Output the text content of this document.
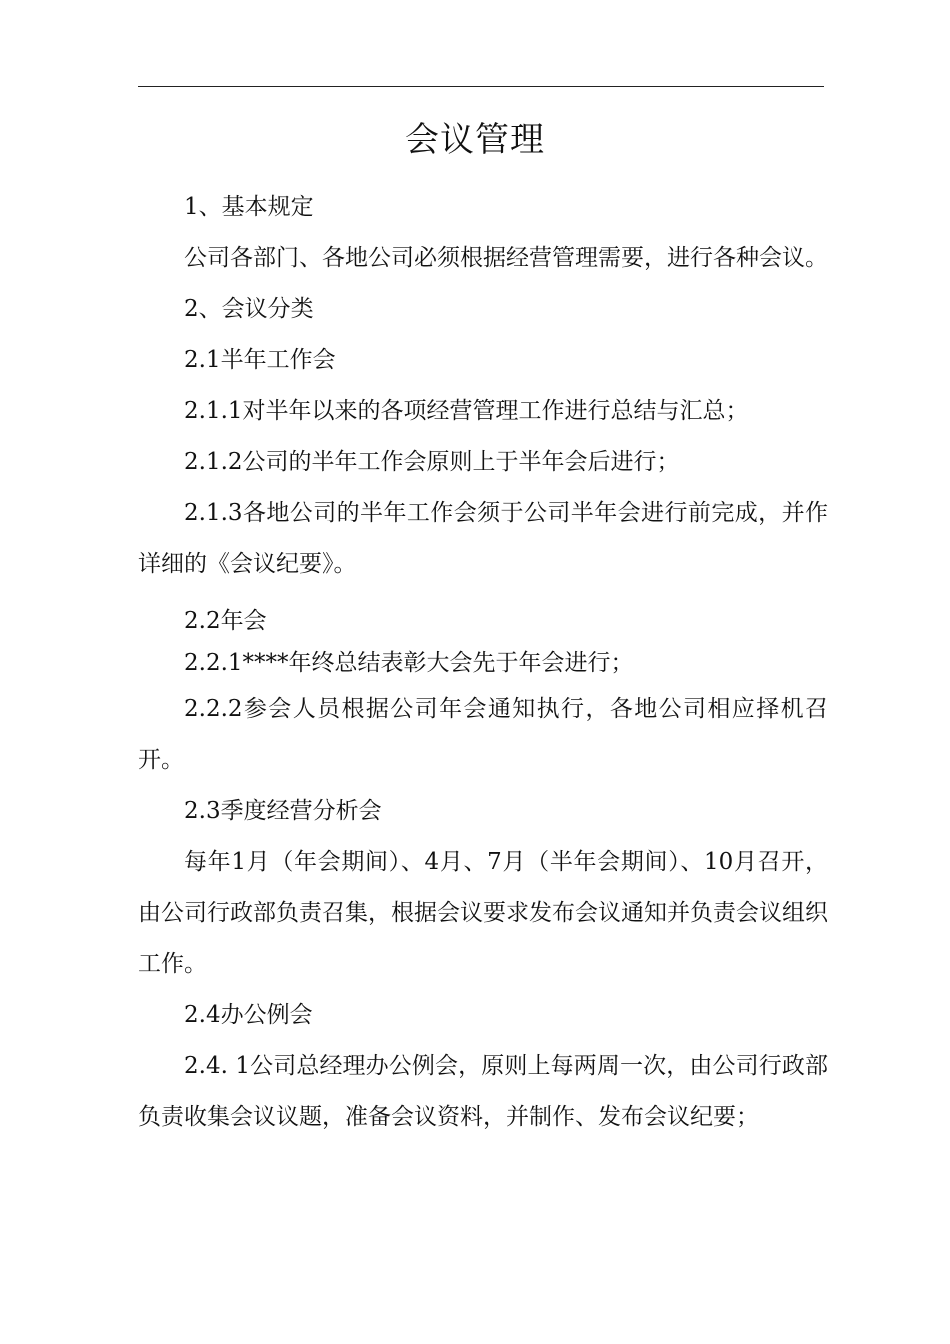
会议管理

1、基本规定

公司各部门、各地公司必须根据经营管理需要，进行各种会议。

2、会议分类

2.1半年工作会

2.1.1对半年以来的各项经营管理工作进行总结与汇总；

2.1.2公司的半年工作会原则上于半年会后进行；

2.1.3各地公司的半年工作会须于公司半年会进行前完成，并作详细的《会议纪要》。

2.2年会

2.2.1****年终总结表彰大会先于年会进行；

2.2.2参会人员根据公司年会通知执行，各地公司相应择机召开。

2.3季度经营分析会

每年1月（年会期间）、4月、7月（半年会期间）、10月召开，由公司行政部负责召集，根据会议要求发布会议通知并负责会议组织工作。

2.4办公例会

2.4. 1公司总经理办公例会，原则上每两周一次，由公司行政部负责收集会议议题，准备会议资料，并制作、发布会议纪要；
